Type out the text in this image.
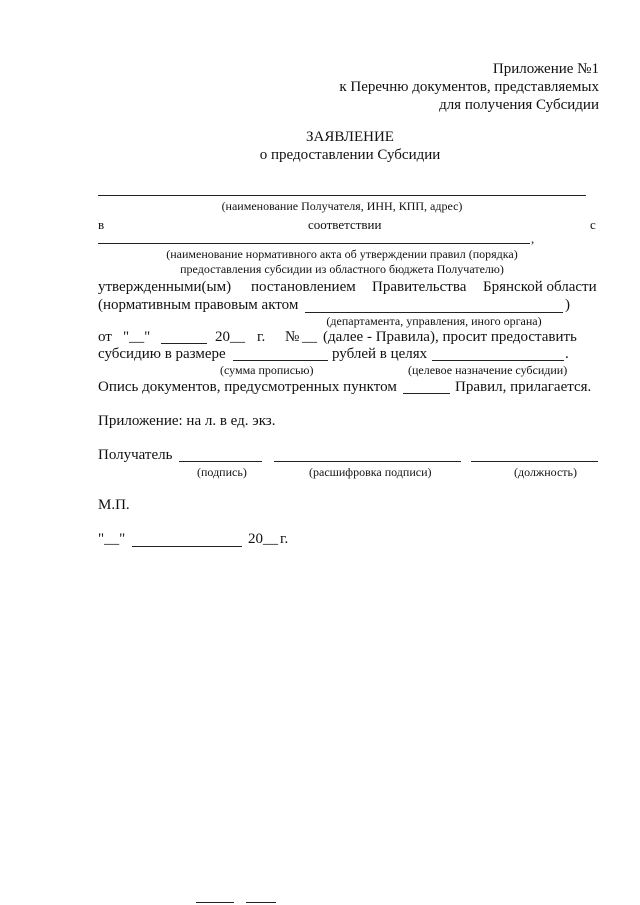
Приложение №1
к Перечню документов, представляемых
для получения Субсидии
ЗАЯВЛЕНИЕ
о предоставлении Субсидии
(наименование Получателя, ИНН, КПП, адрес)
в	соответствии	с
,
(наименование нормативного акта об утверждении правил (порядка)
предоставления субсидии из областного бюджета Получателю)
утвержденными(ым) постановлением Правительства Брянской области
(нормативным правовым актом	)
(департамента, управления, иного органа)
от "__"	20__ г. № __ (далее - Правила), просит предоставить
субсидию в размере	рублей в целях	.
(сумма прописью)	(целевое назначение субсидии)
Опись документов, предусмотренных пунктом	Правил, прилагается.
Приложение: на л. в ед. экз.
Получатель
(подпись)	(расшифровка подписи)	(должность)
М.П.
"__"	20__ г.
